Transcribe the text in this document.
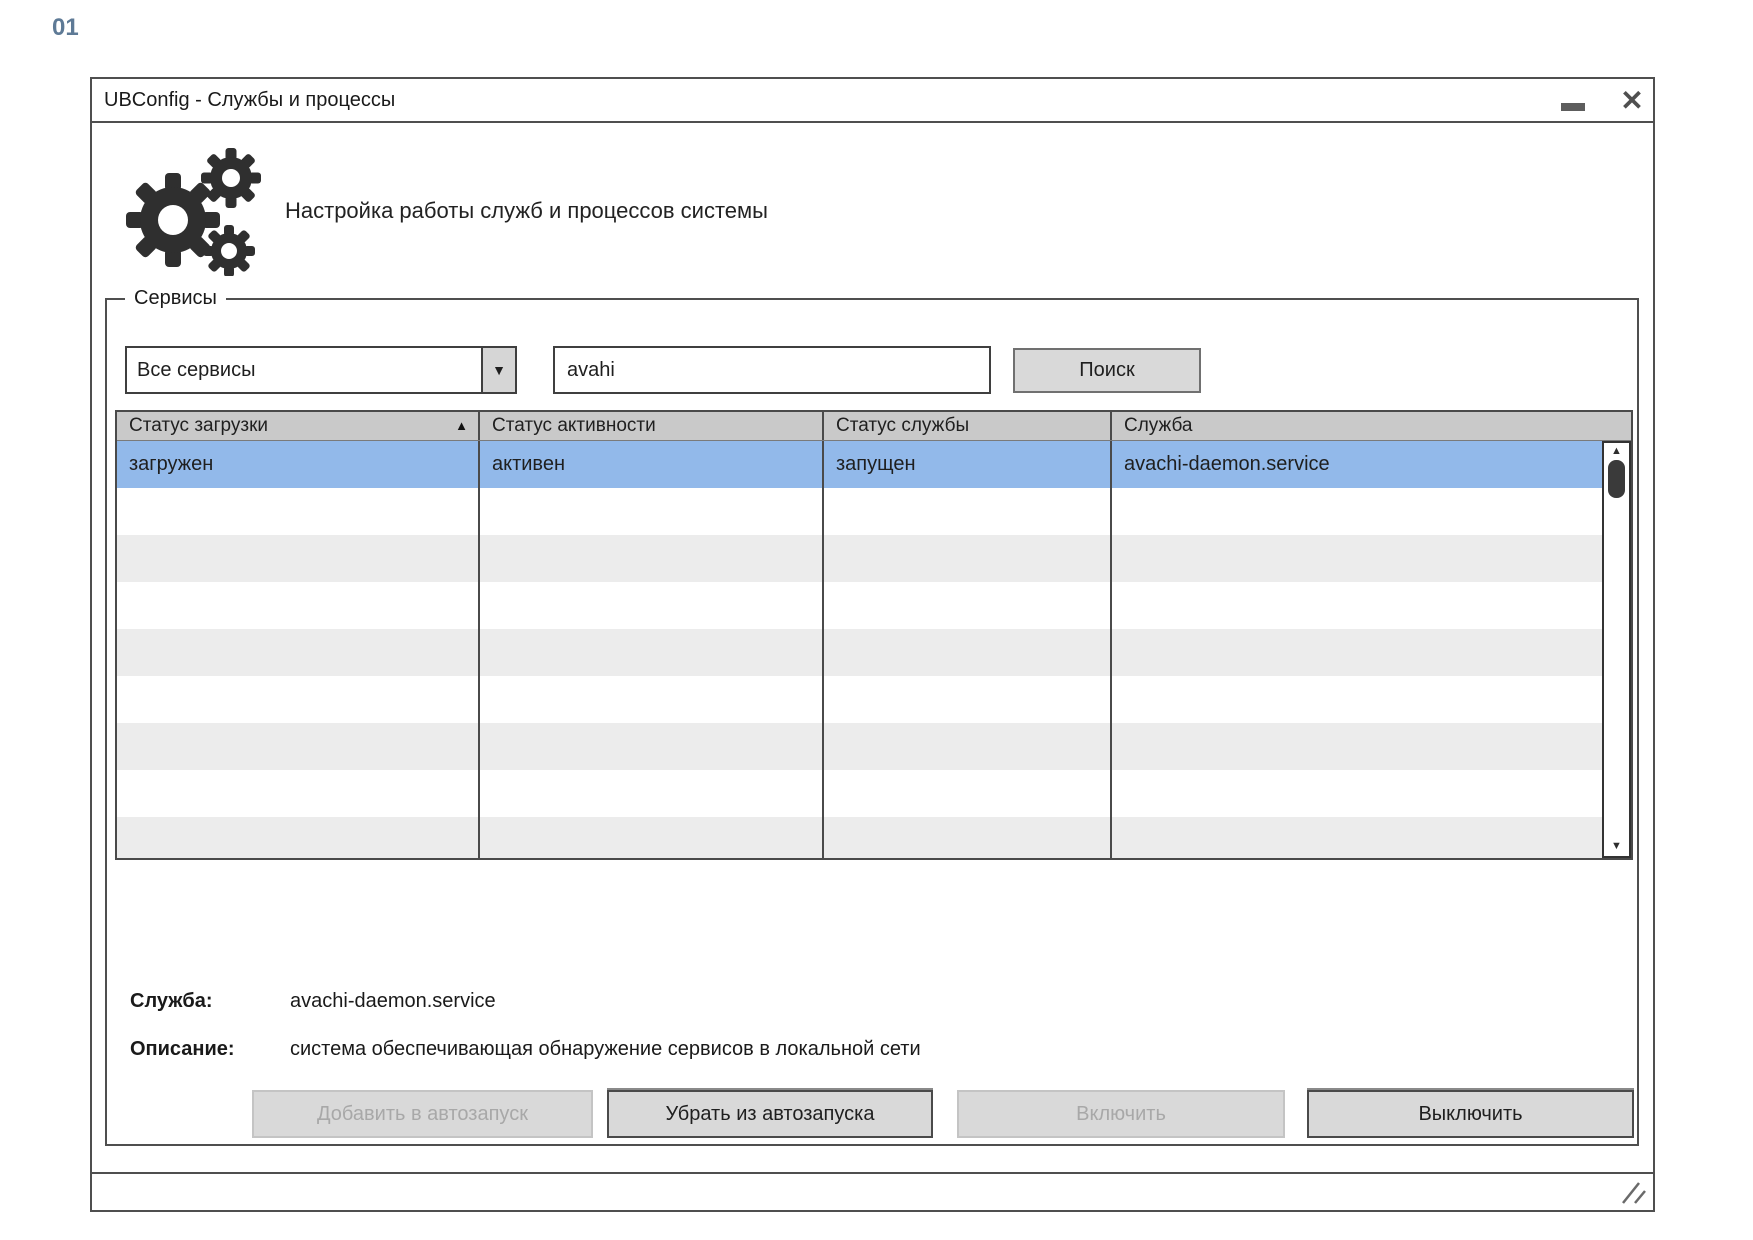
01
UBConfig - Службы и процессы	✕
Настройка работы служб и процессов системы
Сервисы
Все сервисы	▼
avahi	Поиск
Статус загрузки	▲	Статус активности	Статус службы	Служба
загружен	активен	запущен	avachi-daemon.service
▲
▼
Служба:	avachi-daemon.service
Описание:	система обеспечивающая обнаружение сервисов в локальной сети
Добавить в автозапуск	Убрать из автозапуска	Включить	Выключить
